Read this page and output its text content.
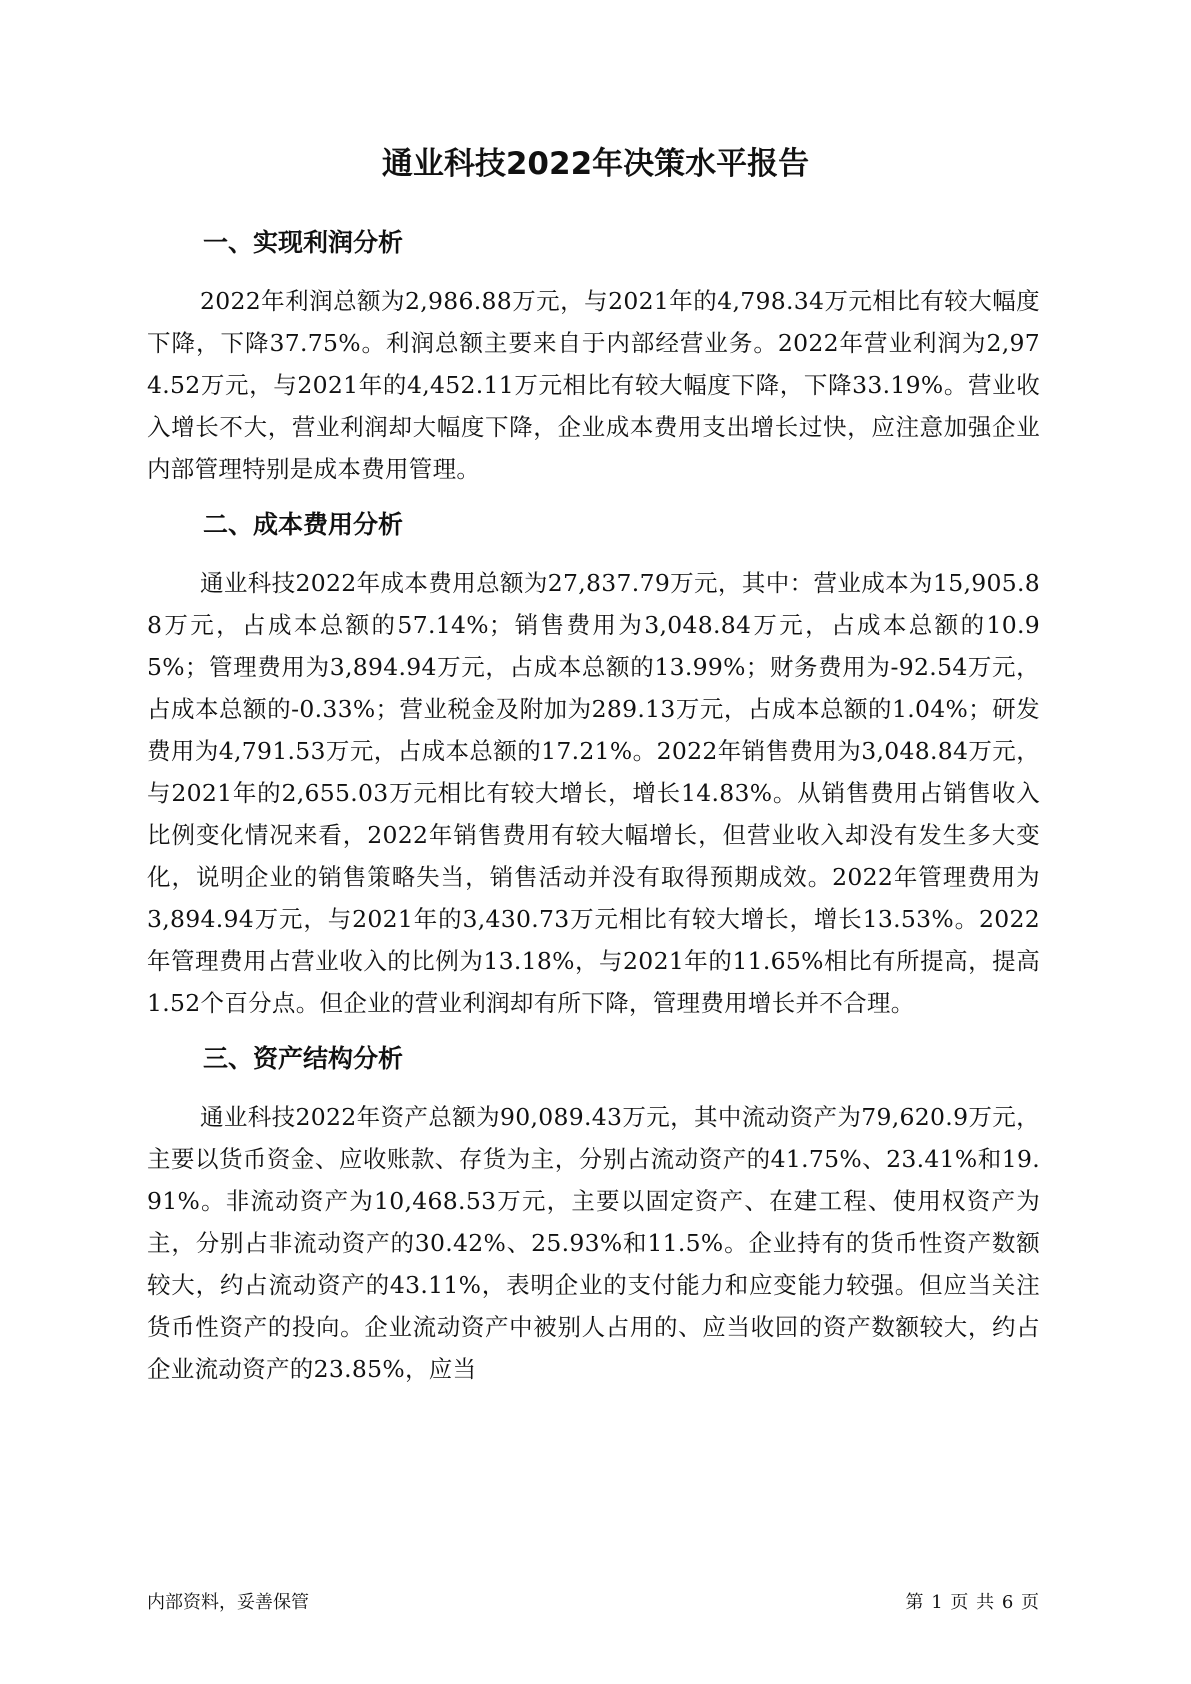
通业科技2022年决策水平报告
一、实现利润分析

2022年利润总额为2,986.88万元，与2021年的4,798.34万元相比有较大幅度下降，下降37.75%。利润总额主要来自于内部经营业务。2022年营业利润为2,974.52万元，与2021年的4,452.11万元相比有较大幅度下降，下降33.19%。营业收入增长不大，营业利润却大幅度下降，企业成本费用支出增长过快，应注意加强企业内部管理特别是成本费用管理。

二、成本费用分析

通业科技2022年成本费用总额为27,837.79万元，其中：营业成本为15,905.88万元，占成本总额的57.14%；销售费用为3,048.84万元，占成本总额的10.95%；管理费用为3,894.94万元，占成本总额的13.99%；财务费用为-92.54万元，占成本总额的-0.33%；营业税金及附加为289.13万元，占成本总额的1.04%；研发费用为4,791.53万元，占成本总额的17.21%。2022年销售费用为3,048.84万元，与2021年的2,655.03万元相比有较大增长，增长14.83%。从销售费用占销售收入比例变化情况来看，2022年销售费用有较大幅增长，但营业收入却没有发生多大变化，说明企业的销售策略失当，销售活动并没有取得预期成效。2022年管理费用为3,894.94万元，与2021年的3,430.73万元相比有较大增长，增长13.53%。2022年管理费用占营业收入的比例为13.18%，与2021年的11.65%相比有所提高，提高1.52个百分点。但企业的营业利润却有所下降，管理费用增长并不合理。

三、资产结构分析

通业科技2022年资产总额为90,089.43万元，其中流动资产为79,620.9万元，主要以货币资金、应收账款、存货为主，分别占流动资产的41.75%、23.41%和19.91%。非流动资产为10,468.53万元，主要以固定资产、在建工程、使用权资产为主，分别占非流动资产的30.42%、25.93%和11.5%。企业持有的货币性资产数额较大，约占流动资产的43.11%，表明企业的支付能力和应变能力较强。但应当关注货币性资产的投向。企业流动资产中被别人占用的、应当收回的资产数额较大，约占企业流动资产的23.85%，应当

内部资料，妥善保管	第 1 页 共 6 页
